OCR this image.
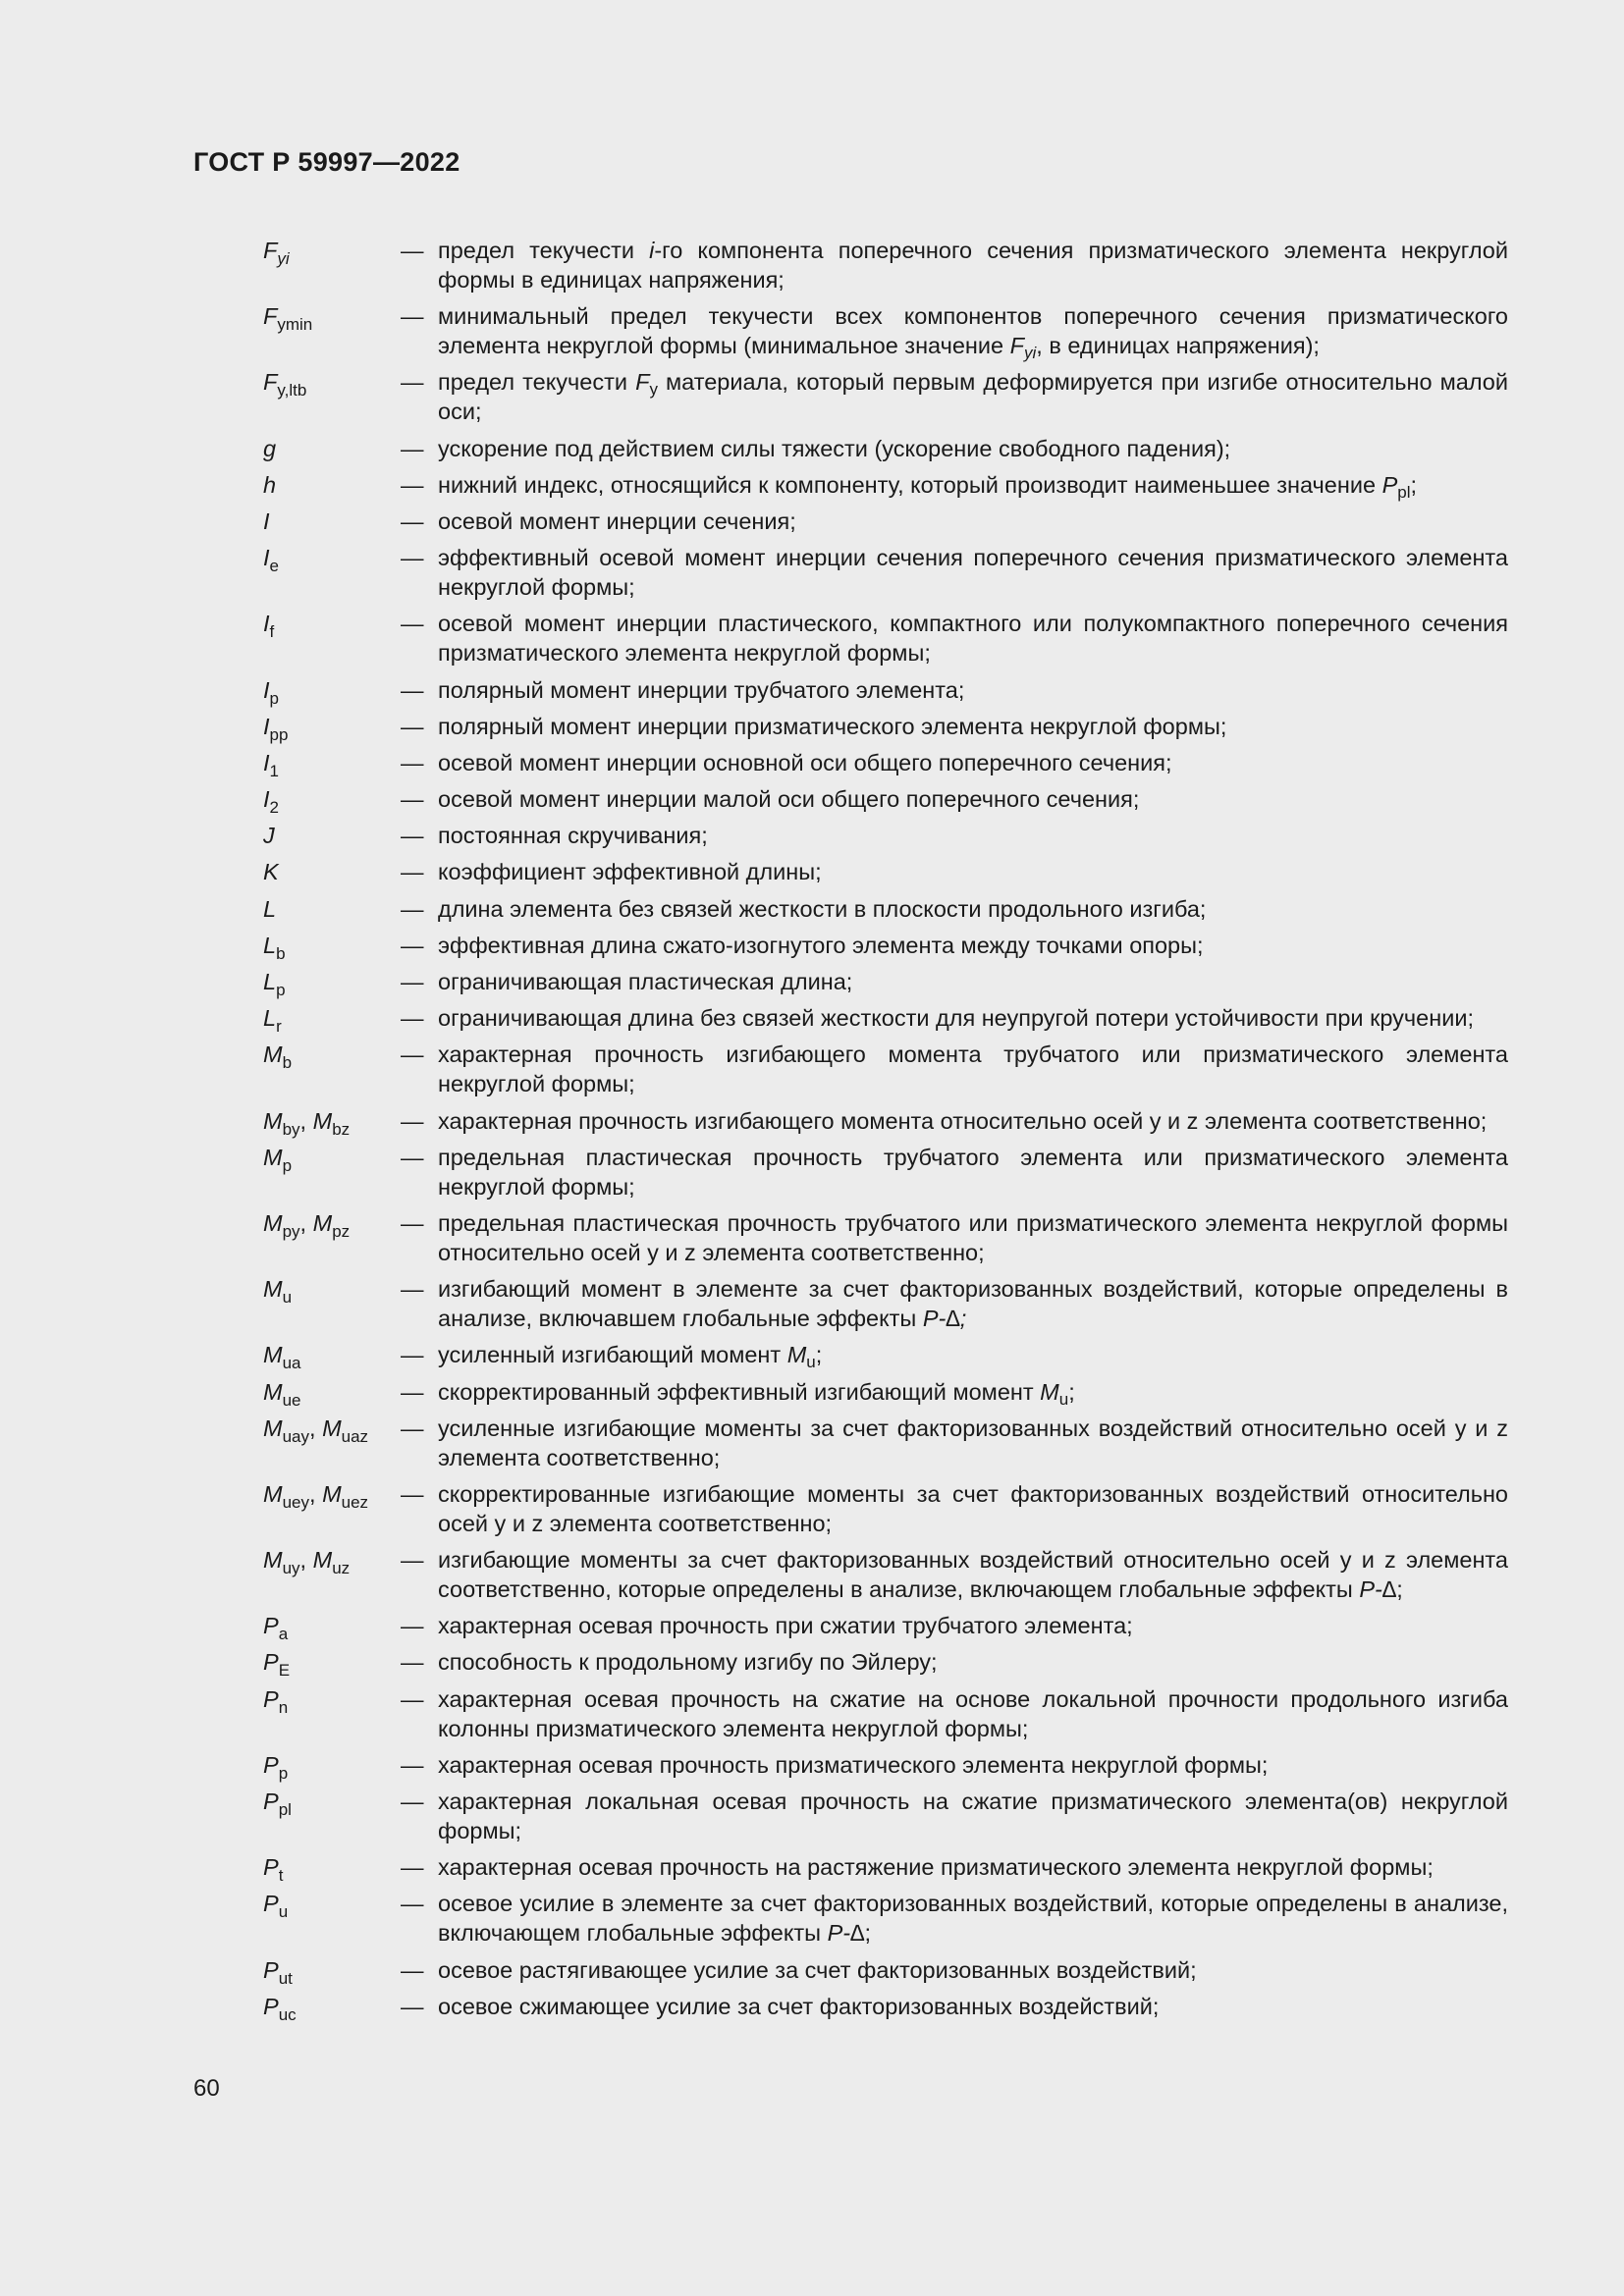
ГОСТ Р 59997—2022
$F_{yi}$	— предел текучести i-го компонента поперечного сечения призматического элемента некруглой формы в единицах напряжения;
$F_{ymin}$	— минимальный предел текучести всех компонентов поперечного сечения призматического элемента некруглой формы (минимальное значение $F_{yi}$, в единицах напряжения);
$F_{y,ltb}$	— предел текучести $F_y$ материала, который первым деформируется при изгибе относительно малой оси;
g	— ускорение под действием силы тяжести (ускорение свободного падения);
h	— нижний индекс, относящийся к компоненту, который производит наименьшее значение $P_{pl}$;
I	— осевой момент инерции сечения;
$I_e$	— эффективный осевой момент инерции сечения поперечного сечения призматического элемента некруглой формы;
$I_f$	— осевой момент инерции пластического, компактного или полукомпактного поперечного сечения призматического элемента некруглой формы;
$I_p$	— полярный момент инерции трубчатого элемента;
$I_{pp}$	— полярный момент инерции призматического элемента некруглой формы;
$I_1$	— осевой момент инерции основной оси общего поперечного сечения;
$I_2$	— осевой момент инерции малой оси общего поперечного сечения;
J	— постоянная скручивания;
K	— коэффициент эффективной длины;
L	— длина элемента без связей жесткости в плоскости продольного изгиба;
$L_b$	— эффективная длина сжато-изогнутого элемента между точками опоры;
$L_p$	— ограничивающая пластическая длина;
$L_r$	— ограничивающая длина без связей жесткости для неупругой потери устойчивости при кручении;
$M_b$	— характерная прочность изгибающего момента трубчатого или призматического элемента некруглой формы;
$M_{by}$, $M_{bz}$	— характерная прочность изгибающего момента относительно осей y и z элемента соответственно;
$M_p$	— предельная пластическая прочность трубчатого элемента или призматического элемента некруглой формы;
$M_{py}$, $M_{pz}$	— предельная пластическая прочность трубчатого или призматического элемента некруглой формы относительно осей y и z элемента соответственно;
$M_u$	— изгибающий момент в элементе за счет факторизованных воздействий, которые определены в анализе, включавшем глобальные эффекты P-∆;
$M_{ua}$	— усиленный изгибающий момент $M_u$;
$M_{ue}$	— скорректированный эффективный изгибающий момент $M_u$;
$M_{uay}$, $M_{uaz}$	— усиленные изгибающие моменты за счет факторизованных воздействий относительно осей y и z элемента соответственно;
$M_{uey}$, $M_{uez}$	— скорректированные изгибающие моменты за счет факторизованных воздействий относительно осей y и z элемента соответственно;
$M_{uy}$, $M_{uz}$	— изгибающие моменты за счет факторизованных воздействий относительно осей y и z элемента соответственно, которые определены в анализе, включающем глобальные эффекты P-∆;
$P_a$	— характерная осевая прочность при сжатии трубчатого элемента;
$P_E$	— способность к продольному изгибу по Эйлеру;
$P_n$	— характерная осевая прочность на сжатие на основе локальной прочности продольного изгиба колонны призматического элемента некруглой формы;
$P_p$	— характерная осевая прочность призматического элемента некруглой формы;
$P_{pl}$	— характерная локальная осевая прочность на сжатие призматического элемента(ов) некруглой формы;
$P_t$	— характерная осевая прочность на растяжение призматического элемента некруглой формы;
$P_u$	— осевое усилие в элементе за счет факторизованных воздействий, которые определены в анализе, включающем глобальные эффекты P-∆;
$P_{ut}$	— осевое растягивающее усилие за счет факторизованных воздействий;
$P_{uc}$	— осевое сжимающее усилие за счет факторизованных воздействий;
60
